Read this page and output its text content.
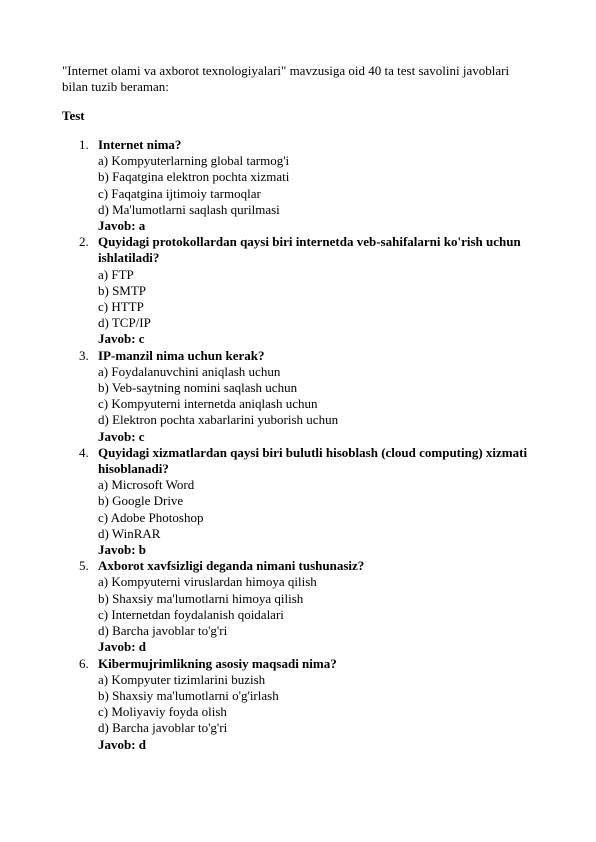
"Internet olami va axborot texnologiyalari" mavzusiga oid 40 ta test savolini javoblari bilan tuzib beraman:
Test
1. Internet nima?
a) Kompyuterlarning global tarmog'i
b) Faqatgina elektron pochta xizmati
c) Faqatgina ijtimoiy tarmoqlar
d) Ma'lumotlarni saqlash qurilmasi
Javob: a
2. Quyidagi protokollardan qaysi biri internetda veb-sahifalarni ko'rish uchun ishlatiladi?
a) FTP
b) SMTP
c) HTTP
d) TCP/IP
Javob: c
3. IP-manzil nima uchun kerak?
a) Foydalanuvchini aniqlash uchun
b) Veb-saytning nomini saqlash uchun
c) Kompyuterni internetda aniqlash uchun
d) Elektron pochta xabarlarini yuborish uchun
Javob: c
4. Quyidagi xizmatlardan qaysi biri bulutli hisoblash (cloud computing) xizmati hisoblanadi?
a) Microsoft Word
b) Google Drive
c) Adobe Photoshop
d) WinRAR
Javob: b
5. Axborot xavfsizligi deganda nimani tushunasiz?
a) Kompyuterni viruslardan himoya qilish
b) Shaxsiy ma'lumotlarni himoya qilish
c) Internetdan foydalanish qoidalari
d) Barcha javoblar to'g'ri
Javob: d
6. Kibermujrimlikning asosiy maqsadi nima?
a) Kompyuter tizimlarini buzish
b) Shaxsiy ma'lumotlarni o'g'irlash
c) Moliyaviy foyda olish
d) Barcha javoblar to'g'ri
Javob: d
